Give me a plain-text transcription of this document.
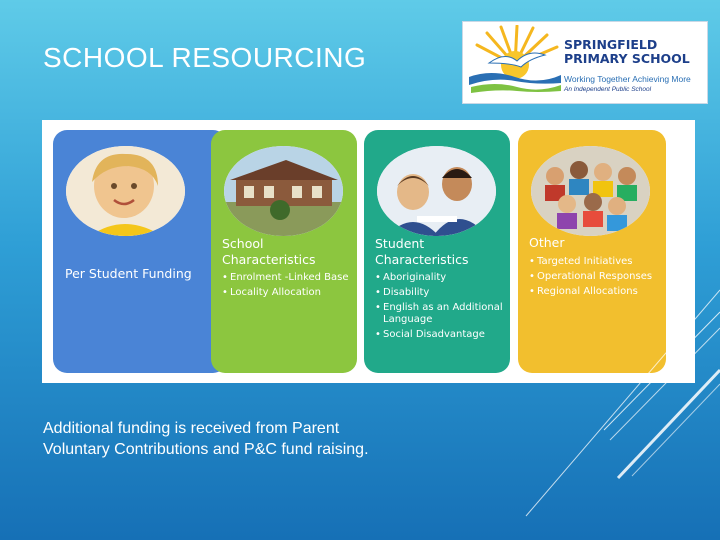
SCHOOL RESOURCING	SPRINGFIELD
PRIMARY SCHOOL
Working Together Achieving More
An Independent Public School

Per Student Funding

School
Characteristics
• Enrolment -Linked Base
• Locality Allocation
Student
Characteristics
• Aboriginality
• Disability
• English as an Additional Language
• Social Disadvantage
Other
• Targeted Initiatives
• Operational Responses
• Regional Allocations

Additional funding is received from Parent Voluntary Contributions and P&C fund raising.
